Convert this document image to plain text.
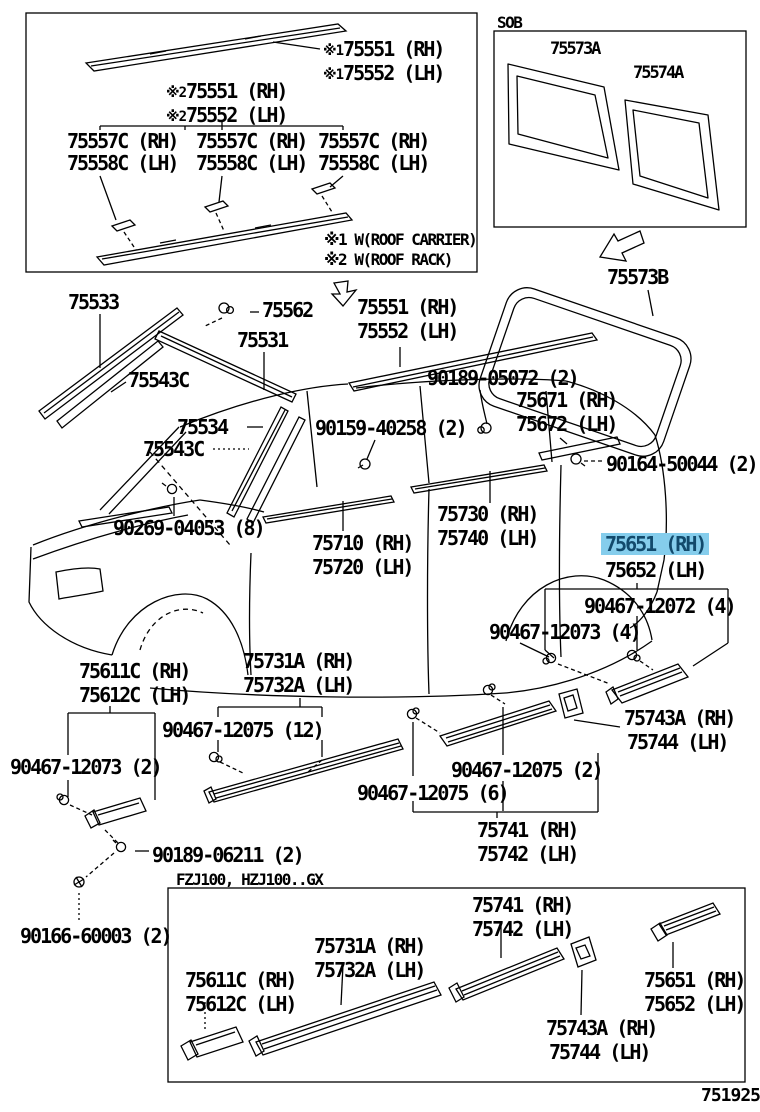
※175551 (RH)
※175552 (LH)
※275551 (RH)
※275552 (LH)
75557C (RH)
75558C (LH)
75557C (RH)
75558C (LH)
75557C (RH)
75558C (LH)
※1 W(ROOF CARRIER)
※2 W(ROOF RACK)
SOB
75573A
75574A
75573B
75533	75562
75531
75551 (RH)
75552 (LH)
75543C	90189-05072 (2)
75671 (RH)
75672 (LH)
75534
75543C
90159-40258 (2)
90164-50044 (2)
90269-04053 (8)
75730 (RH)
75740 (LH)
75710 (RH)
75720 (LH)
75651 (RH)
75652 (LH)
90467-12072 (4)
90467-12073 (4)
75611C (RH)
75612C (LH)
75731A (RH)
75732A (LH)
90467-12075 (12)
90467-12073 (2)
75743A (RH)
75744 (LH)
90467-12075 (2)
90467-12075 (6)
75741 (RH)
75742 (LH)
90189-06211 (2)
90166-60003 (2)
FZJ100, HZJ100..GX
75741 (RH)
75742 (LH)
75731A (RH)
75732A (LH)
75611C (RH)
75612C (LH)
75651 (RH)
75652 (LH)
75743A (RH)
75744 (LH)
751925
